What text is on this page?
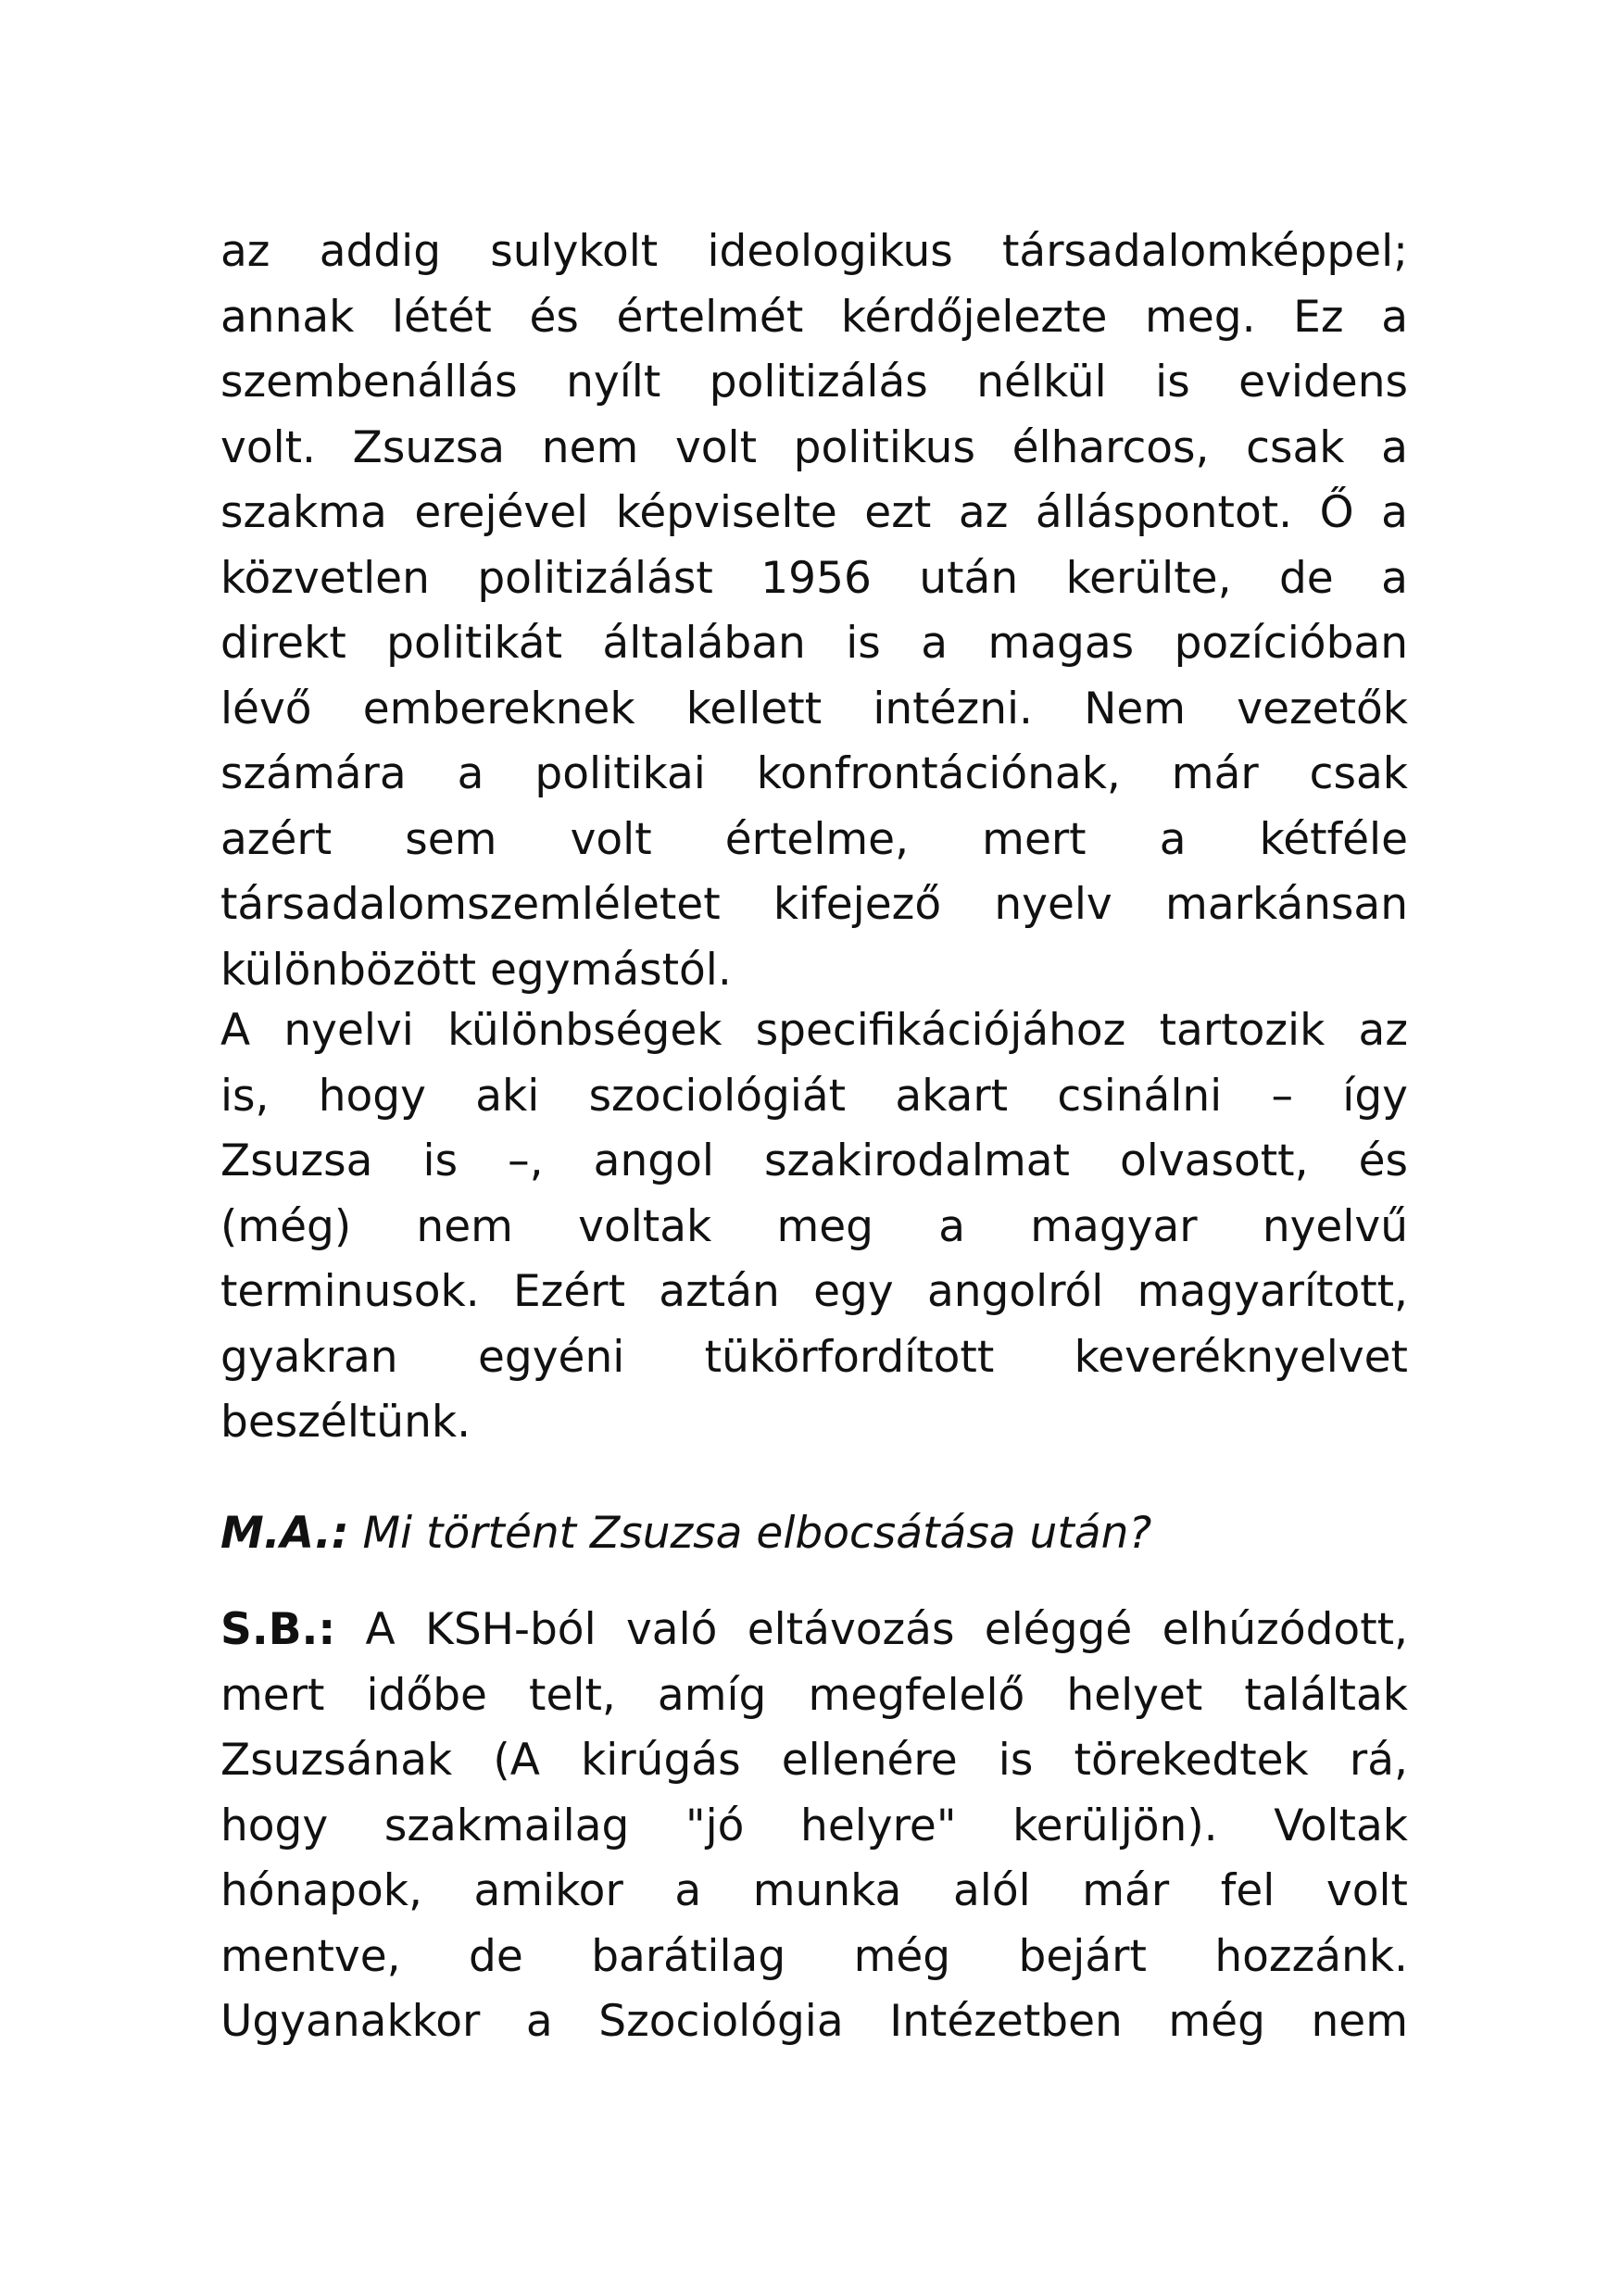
az addig sulykolt ideologikus társadalomképpel;
annak létét és értelmét kérdőjelezte meg. Ez a
szembenállás nyílt politizálás nélkül is evidens
volt. Zsuzsa nem volt politikus élharcos, csak a
szakma erejével képviselte ezt az álláspontot. Ő a
közvetlen politizálást 1956 után kerülte, de a
direkt politikát általában is a magas pozícióban
lévő embereknek kellett intézni. Nem vezetők
számára a politikai konfrontációnak, már csak
azért sem volt értelme, mert a kétféle
társadalomszemléletet kifejező nyelv markánsan
különbözött egymástól.
A nyelvi különbségek specifikációjához tartozik az
is, hogy aki szociológiát akart csinálni – így
Zsuzsa is –, angol szakirodalmat olvasott, és
(még) nem voltak meg a magyar nyelvű
terminusok. Ezért aztán egy angolról magyarított,
gyakran egyéni tükörfordított keveréknyelvet
beszéltünk.
M.A.: Mi történt Zsuzsa elbocsátása után?
S.B.: A KSH-ból való eltávozás eléggé elhúzódott,
mert időbe telt, amíg megfelelő helyet találtak
Zsuzsának (A kirúgás ellenére is törekedtek rá,
hogy szakmailag "jó helyre" kerüljön). Voltak
hónapok, amikor a munka alól már fel volt
mentve, de barátilag még bejárt hozzánk.
Ugyanakkor a Szociológia Intézetben még nem
